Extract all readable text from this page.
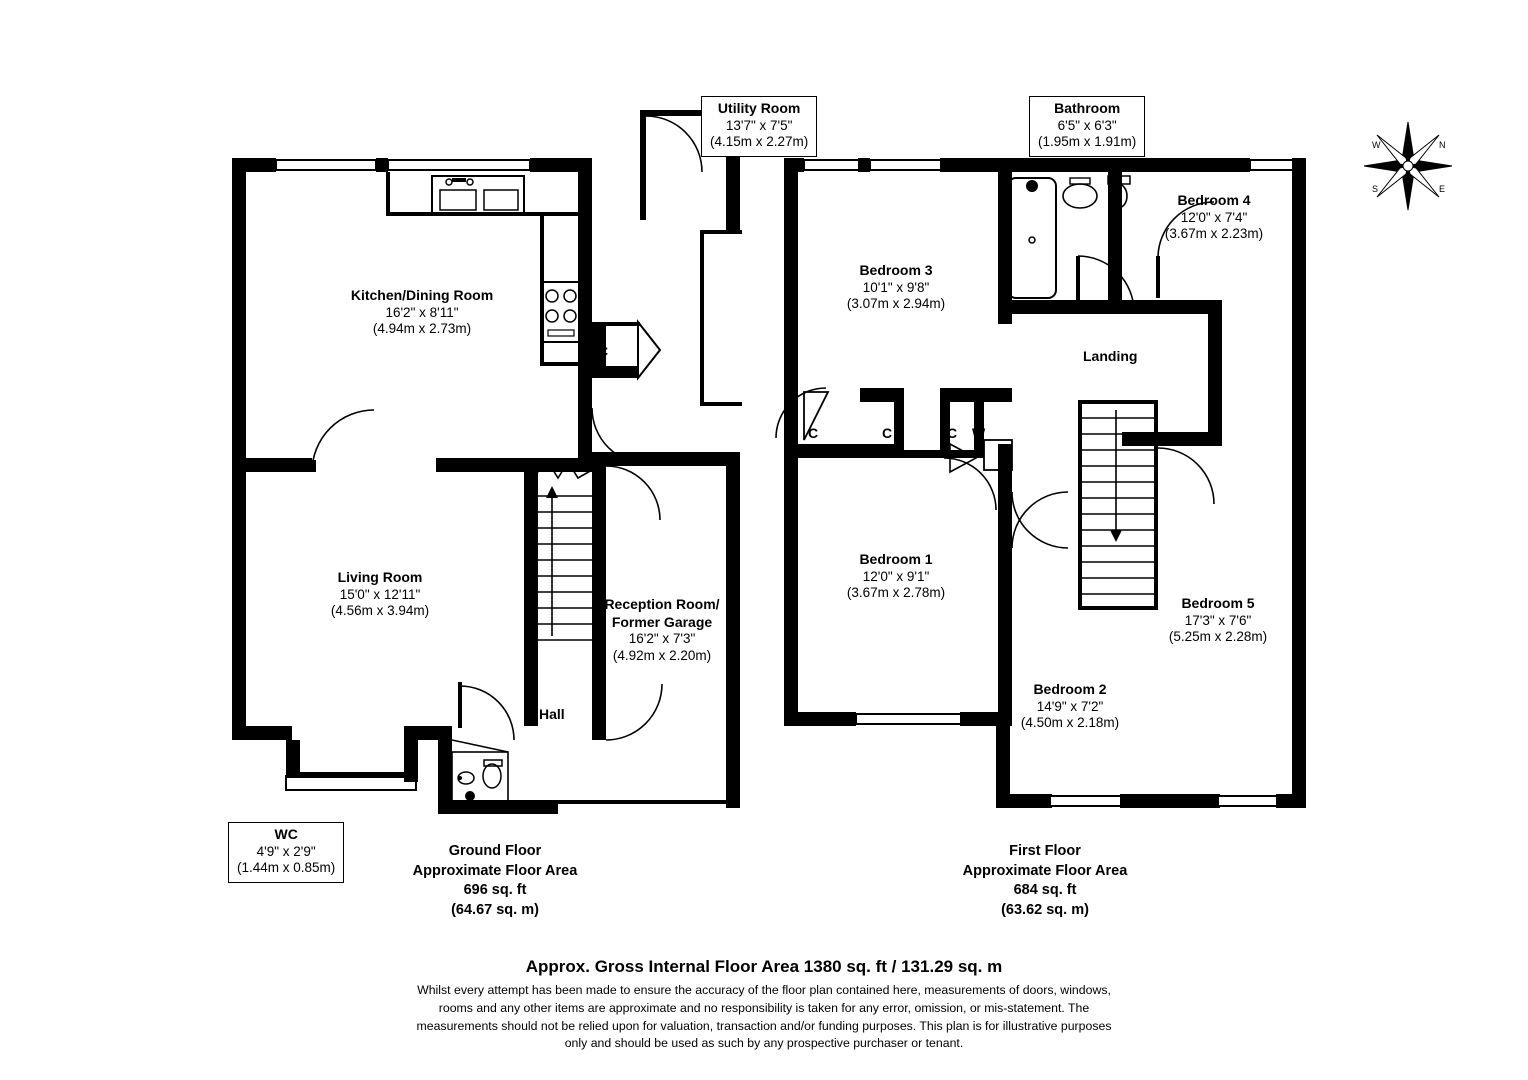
Kitchen/Dining Room
16'2" x 8'11"
(4.94m x 2.73m)
Living Room
15'0" x 12'11"
(4.56m x 3.94m)	Reception Room/
Former Garage
16'2" x 7'3"
(4.92m x 2.20m)
Hall
C
Utility Room
13'7" x 7'5"
(4.15m x 2.27m)
WC
4'9" x 2'9"
(1.44m x 0.85m)
Bedroom 3
10'1" x 9'8"
(3.07m x 2.94m)
Bedroom 4
12'0" x 7'4"
(3.67m x 2.23m)
Bedroom 1
12'0" x 9'1"
(3.67m x 2.78m)
Bedroom 5
17'3" x 7'6"
(5.25m x 2.28m)
Bedroom 2
14'9" x 7'2"
(4.50m x 2.18m)
Landing
C	C	C W
Bathroom
6'5" x 6'3"
(1.95m x 1.91m)
Ground Floor
Approximate Floor Area
696 sq. ft
(64.67 sq. m)
First Floor
Approximate Floor Area
684 sq. ft
(63.62 sq. m)
N
W
S	E
Approx. Gross Internal Floor Area 1380 sq. ft / 131.29 sq. m
Whilst every attempt has been made to ensure the accuracy of the floor plan contained here, measurements of doors, windows,
rooms and any other items are approximate and no responsibility is taken for any error, omission, or mis-statement. The
measurements should not be relied upon for valuation, transaction and/or funding purposes. This plan is for illustrative purposes
only and should be used as such by any prospective purchaser or tenant.
